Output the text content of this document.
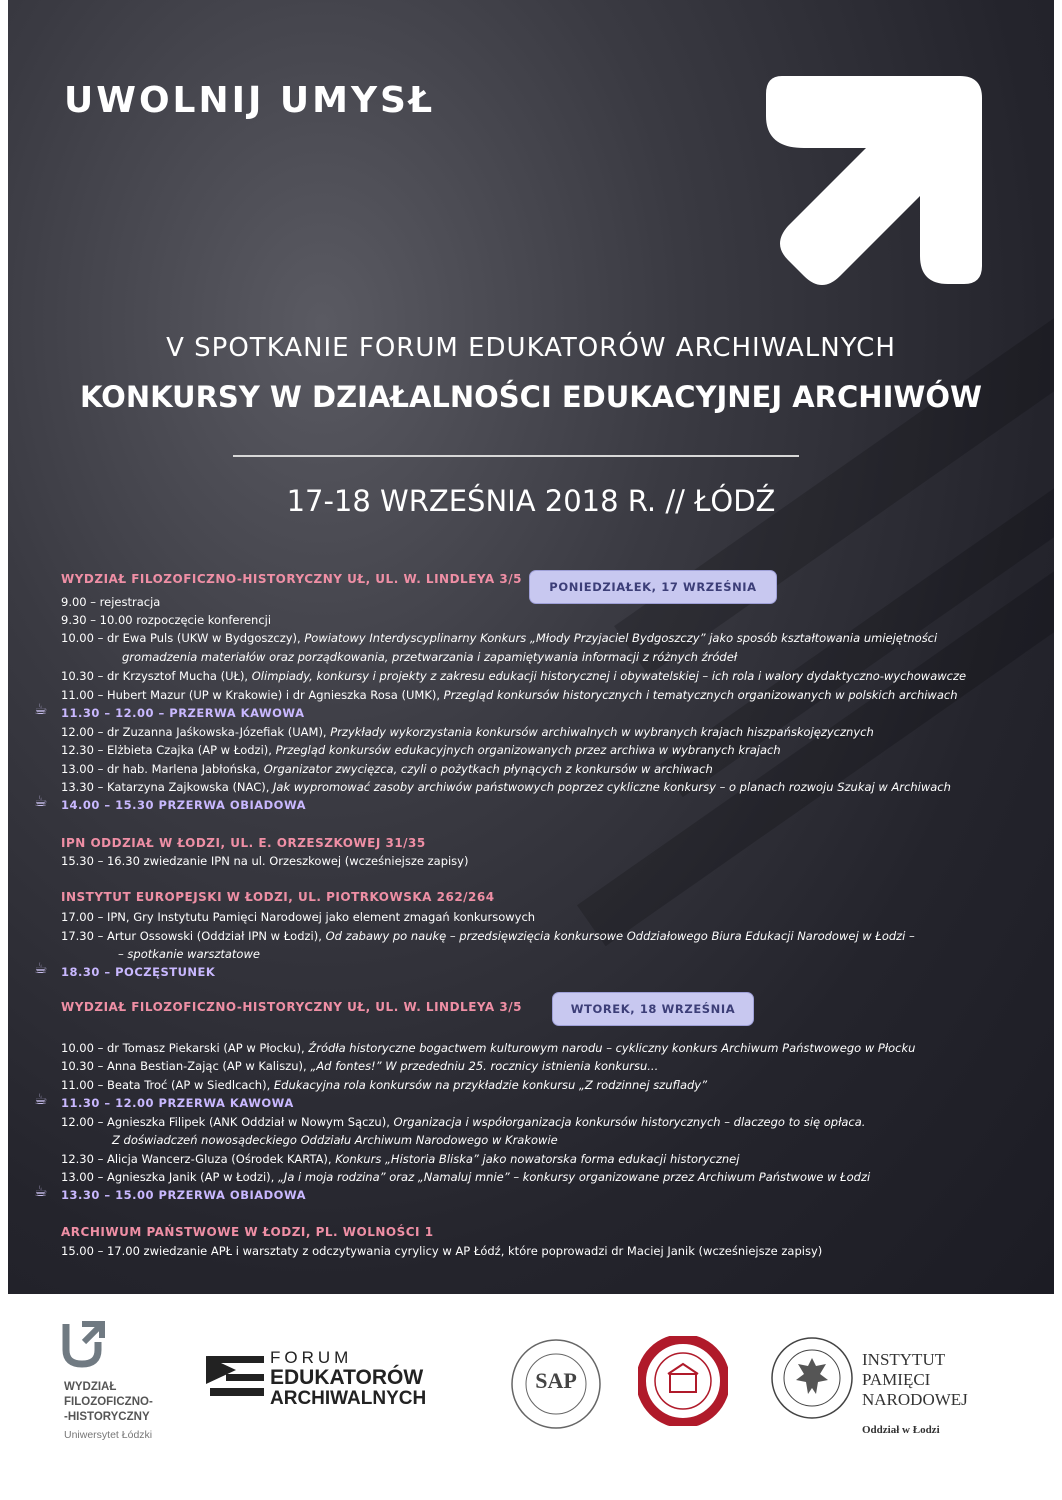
UWOLNIJ UMYSŁ
V SPOTKANIE FORUM EDUKATORÓW ARCHIWALNYCH
KONKURSY W DZIAŁALNOŚCI EDUKACYJNEJ ARCHIWÓW
17-18 WRZEŚNIA 2018 R. // ŁÓDŹ
WYDZIAŁ FILOZOFICZNO-HISTORYCZNY UŁ, UL. W. LINDLEYA 3/5
PONIEDZIAŁEK, 17 WRZEŚNIA
9.00 – rejestracja
9.30 – 10.00 rozpoczęcie konferencji
10.00 – dr Ewa Puls (UKW w Bydgoszczy), Powiatowy Interdyscyplinarny Konkurs „Młody Przyjaciel Bydgoszczy” jako sposób kształtowania umiejętności
gromadzenia materiałów oraz porządkowania, przetwarzania i zapamiętywania informacji z różnych źródeł
10.30 – dr Krzysztof Mucha (UŁ), Olimpiady, konkursy i projekty z zakresu edukacji historycznej i obywatelskiej – ich rola i walory dydaktyczno-wychowawcze
11.00 – Hubert Mazur (UP w Krakowie) i dr Agnieszka Rosa (UMK), Przegląd konkursów historycznych i tematycznych organizowanych w polskich archiwach
☕ 11.30 – 12.00 – PRZERWA KAWOWA
12.00 – dr Zuzanna Jaśkowska-Józefiak (UAM), Przykłady wykorzystania konkursów archiwalnych w wybranych krajach hiszpańskojęzycznych
12.30 – Elżbieta Czajka (AP w Łodzi), Przegląd konkursów edukacyjnych organizowanych przez archiwa w wybranych krajach
13.00 – dr hab. Marlena Jabłońska, Organizator zwycięzca, czyli o pożytkach płynących z konkursów w archiwach
13.30 – Katarzyna Zajkowska (NAC), Jak wypromować zasoby archiwów państwowych poprzez cykliczne konkursy – o planach rozwoju Szukaj w Archiwach
☕ 14.00 – 15.30 PRZERWA OBIADOWA
IPN ODDZIAŁ W ŁODZI, UL. E. ORZESZKOWEJ 31/35
15.30 – 16.30 zwiedzanie IPN na ul. Orzeszkowej (wcześniejsze zapisy)
INSTYTUT EUROPEJSKI W ŁODZI, UL. PIOTRKOWSKA 262/264
17.00 – IPN, Gry Instytutu Pamięci Narodowej jako element zmagań konkursowych
17.30 – Artur Ossowski (Oddział IPN w Łodzi), Od zabawy po naukę – przedsięwzięcia konkursowe Oddziałowego Biura Edukacji Narodowej w Łodzi –
– spotkanie warsztatowe
☕ 18.30 – POCZĘSTUNEK
WYDZIAŁ FILOZOFICZNO-HISTORYCZNY UŁ, UL. W. LINDLEYA 3/5	WTOREK, 18 WRZEŚNIA
10.00 – dr Tomasz Piekarski (AP w Płocku), Źródła historyczne bogactwem kulturowym narodu – cykliczny konkurs Archiwum Państwowego w Płocku
10.30 – Anna Bestian-Zając (AP w Kaliszu), „Ad fontes!” W przededniu 25. rocznicy istnienia konkursu...
11.00 – Beata Troć (AP w Siedlcach), Edukacyjna rola konkursów na przykładzie konkursu „Z rodzinnej szuflady”
☕ 11.30 – 12.00 PRZERWA KAWOWA
12.00 – Agnieszka Filipek (ANK Oddział w Nowym Sączu), Organizacja i współorganizacja konkursów historycznych – dlaczego to się opłaca.
Z doświadczeń nowosądeckiego Oddziału Archiwum Narodowego w Krakowie
12.30 – Alicja Wancerz-Gluza (Ośrodek KARTA), Konkurs „Historia Bliska” jako nowatorska forma edukacji historycznej
13.00 – Agnieszka Janik (AP w Łodzi), „Ja i moja rodzina” oraz „Namaluj mnie” – konkursy organizowane przez Archiwum Państwowe w Łodzi
☕ 13.30 – 15.00 PRZERWA OBIADOWA
ARCHIWUM PAŃSTWOWE W ŁODZI, PL. WOLNOŚCI 1
15.00 – 17.00 zwiedzanie APŁ i warsztaty z odczytywania cyrylicy w AP Łódź, które poprowadzi dr Maciej Janik (wcześniejsze zapisy)
WYDZIAŁ
FILOZOFICZNO-
-HISTORYCZNY
Uniwersytet Łódzki
FORUM
EDUKATORÓW
ARCHIWALNYCH
SAP
INSTYTUT
PAMIĘCI
NARODOWEJ
Oddział w Łodzi
